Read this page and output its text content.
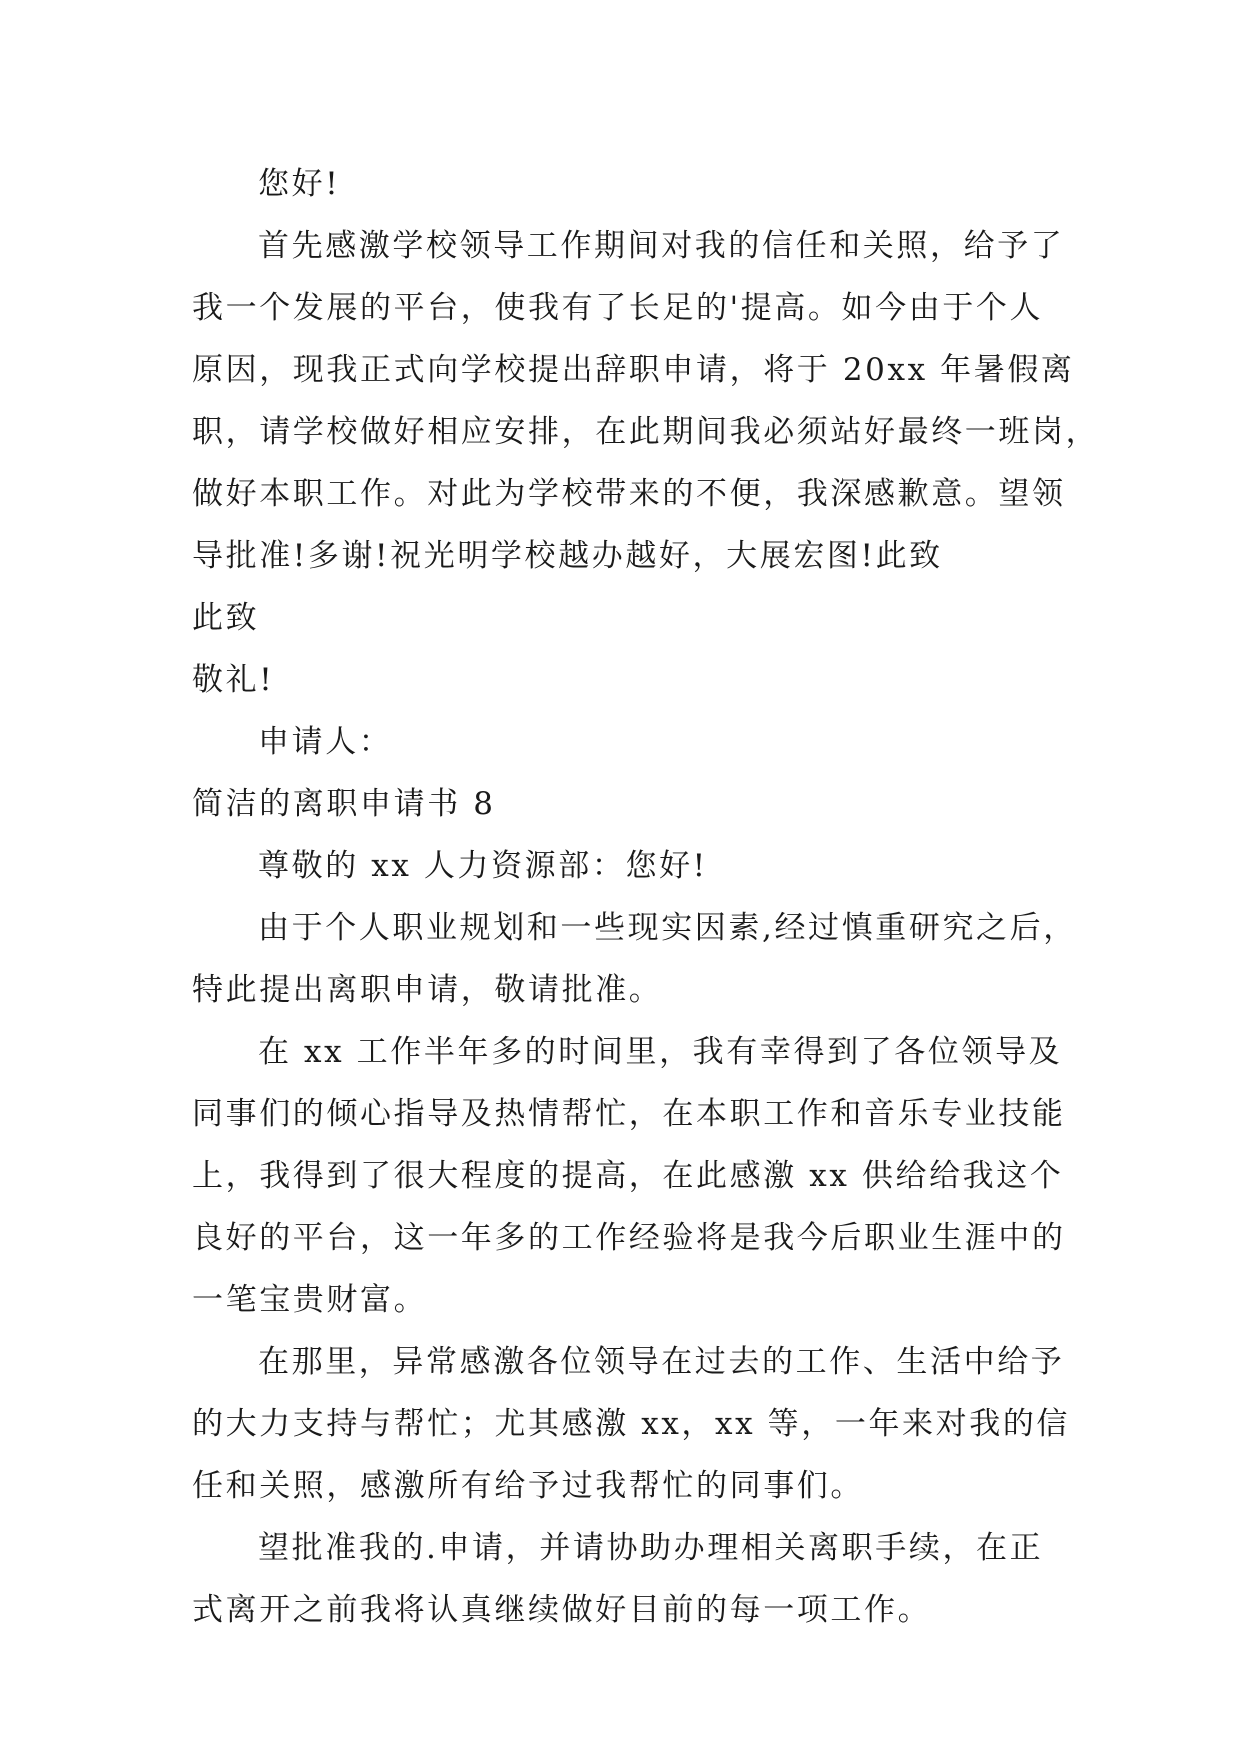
您好!
首先感激学校领导工作期间对我的信任和关照，给予了
我一个发展的平台，使我有了长足的'提高。如今由于个人
原因，现我正式向学校提出辞职申请，将于 20xx 年暑假离
职，请学校做好相应安排，在此期间我必须站好最终一班岗，
做好本职工作。对此为学校带来的不便，我深感歉意。望领
导批准!多谢!祝光明学校越办越好，大展宏图!此致
此致
敬礼!
申请人：
简洁的离职申请书 8
尊敬的 xx 人力资源部：您好!
由于个人职业规划和一些现实因素,经过慎重研究之后，
特此提出离职申请，敬请批准。
在 xx 工作半年多的时间里，我有幸得到了各位领导及
同事们的倾心指导及热情帮忙，在本职工作和音乐专业技能
上，我得到了很大程度的提高，在此感激 xx 供给给我这个
良好的平台，这一年多的工作经验将是我今后职业生涯中的
一笔宝贵财富。
在那里，异常感激各位领导在过去的工作、生活中给予
的大力支持与帮忙；尤其感激 xx，xx 等，一年来对我的信
任和关照，感激所有给予过我帮忙的同事们。
望批准我的.申请，并请协助办理相关离职手续，在正
式离开之前我将认真继续做好目前的每一项工作。
